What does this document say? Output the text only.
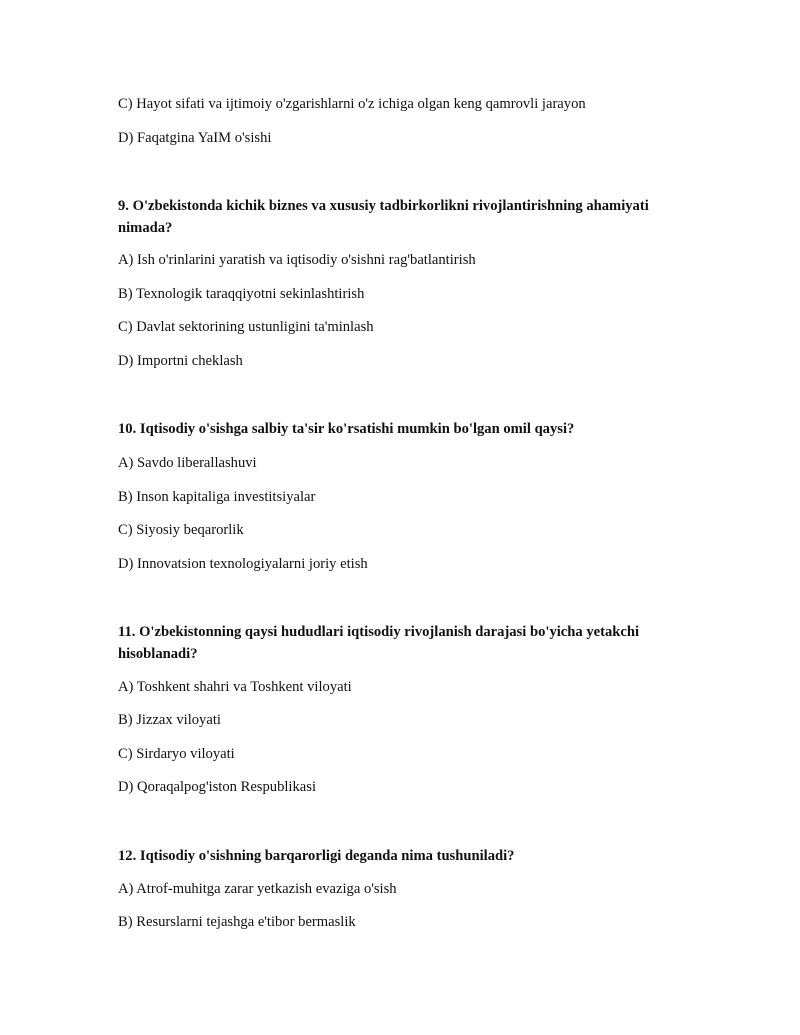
C) Hayot sifati va ijtimoiy o'zgarishlarni o'z ichiga olgan keng qamrovli jarayon
D) Faqatgina YaIM o'sishi
9. O'zbekistonda kichik biznes va xususiy tadbirkorlikni rivojlantirishning ahamiyati nimada?
A) Ish o'rinlarini yaratish va iqtisodiy o'sishni rag'batlantirish
B) Texnologik taraqqiyotni sekinlashtirish
C) Davlat sektorining ustunligini ta'minlash
D) Importni cheklash
10. Iqtisodiy o'sishga salbiy ta'sir ko'rsatishi mumkin bo'lgan omil qaysi?
A) Savdo liberallashuvi
B) Inson kapitaliga investitsiyalar
C) Siyosiy beqarorlik
D) Innovatsion texnologiyalarni joriy etish
11. O'zbekistonning qaysi hududlari iqtisodiy rivojlanish darajasi bo'yicha yetakchi hisoblanadi?
A) Toshkent shahri va Toshkent viloyati
B) Jizzax viloyati
C) Sirdaryo viloyati
D) Qoraqalpog'iston Respublikasi
12. Iqtisodiy o'sishning barqarorligi deganda nima tushuniladi?
A) Atrof-muhitga zarar yetkazish evaziga o'sish
B) Resurslarni tejashga e'tibor bermaslik
